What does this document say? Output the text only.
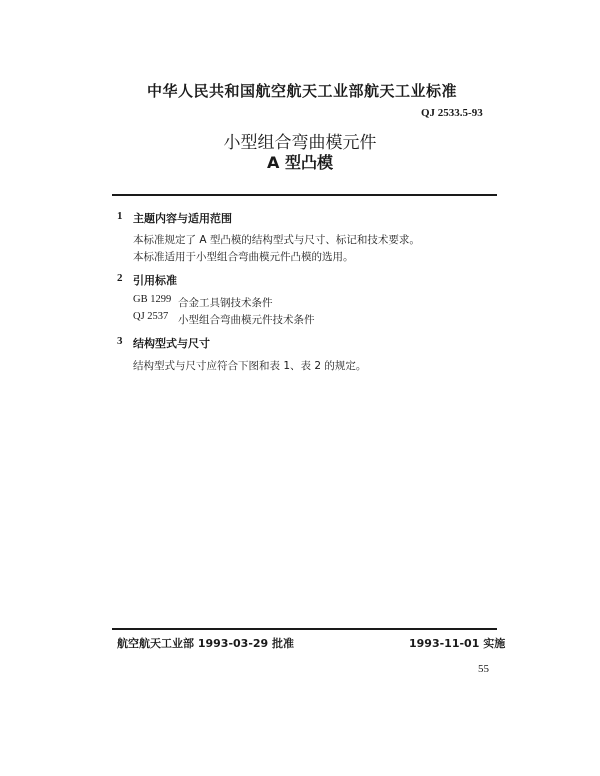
中华人民共和国航空航天工业部航天工业标准
QJ 2533.5-93
小型组合弯曲模元件
A 型凸模
1 主题内容与适用范围
本标准规定了 A 型凸模的结构型式与尺寸、标记和技术要求。
本标准适用于小型组合弯曲模元件凸模的选用。
2 引用标准
GB 1299 合金工具钢技术条件
QJ 2537 小型组合弯曲模元件技术条件
3 结构型式与尺寸
结构型式与尺寸应符合下图和表 1、表 2 的规定。
航空航天工业部 1993-03-29 批准	1993-11-01 实施
55
